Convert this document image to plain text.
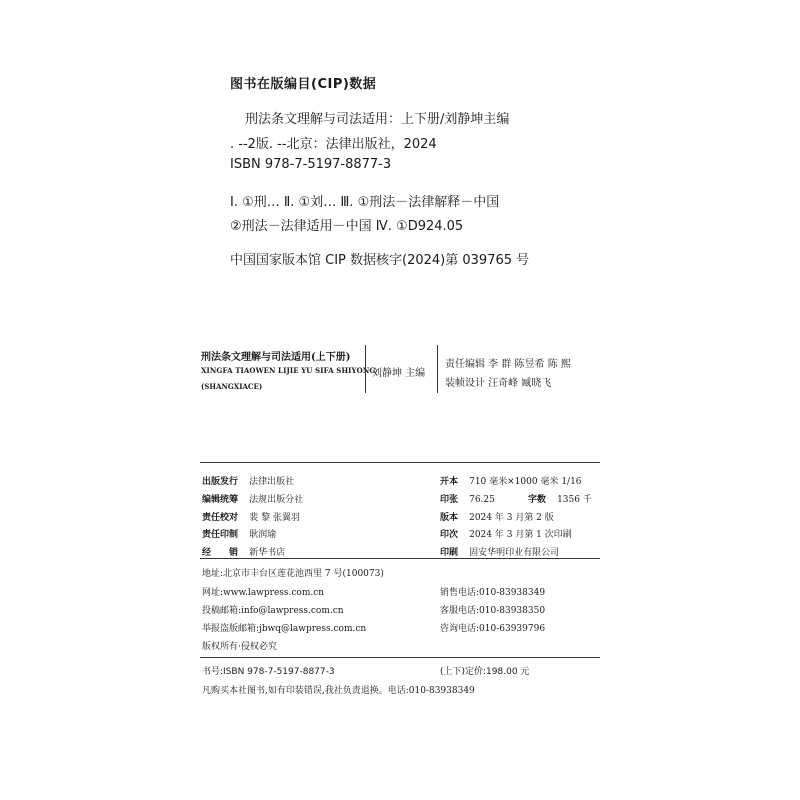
图书在版编目(CIP)数据
刑法条文理解与司法适用：上下册/刘静坤主编
. --2版. --北京：法律出版社，2024
ISBN 978-7-5197-8877-3
Ⅰ. ①刑… Ⅱ. ①刘… Ⅲ. ①刑法－法律解释－中国
②刑法－法律适用－中国 Ⅳ. ①D924.05
中国国家版本馆 CIP 数据核字(2024)第 039765 号
刑法条文理解与司法适用(上下册)
XINGFA TIAOWEN LIJIE YU SIFA SHIYONG
(SHANGXIACE)
刘静坤 主编
责任编辑 李 群 陈昱希 陈 熙
装帧设计 汪奇峰 臧晓飞
出版发行 法律出版社
编辑统筹 法规出版分社
责任校对 裴 黎 张翼羽
责任印制 耿润瑜
经　　销 新华书店
开本 710 毫米×1000 毫米 1/16
印张 76.25	字数 1356 千
版本 2024 年 3 月第 2 版
印次 2024 年 3 月第 1 次印刷
印刷 固安华明印业有限公司
地址:北京市丰台区莲花池西里 7 号(100073)
网址:www.lawpress.com.cn
投稿邮箱:info@lawpress.com.cn
举报盗版邮箱:jbwq@lawpress.com.cn
版权所有·侵权必究
销售电话:010-83938349
客服电话:010-83938350
咨询电话:010-63939796
书号:ISBN 978-7-5197-8877-3	(上下)定价:198.00 元
凡购买本社图书,如有印装错误,我社负责退换。电话:010-83938349
